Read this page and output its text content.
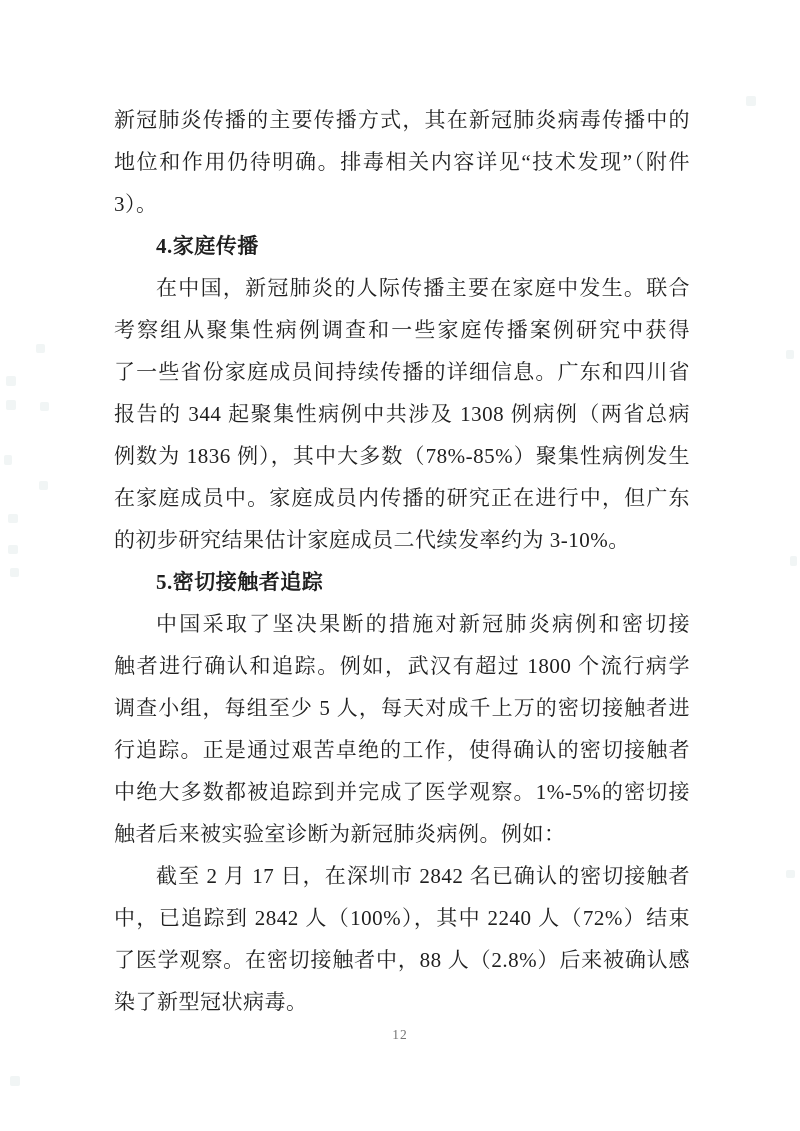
新冠肺炎传播的主要传播方式，其在新冠肺炎病毒传播中的
地位和作用仍待明确。排毒相关内容详见“技术发现”（附件
3）。
4.家庭传播
在中国，新冠肺炎的人际传播主要在家庭中发生。联合
考察组从聚集性病例调查和一些家庭传播案例研究中获得
了一些省份家庭成员间持续传播的详细信息。广东和四川省
报告的 344 起聚集性病例中共涉及 1308 例病例（两省总病
例数为 1836 例），其中大多数（78%-85%）聚集性病例发生
在家庭成员中。家庭成员内传播的研究正在进行中，但广东
的初步研究结果估计家庭成员二代续发率约为 3-10%。
5.密切接触者追踪
中国采取了坚决果断的措施对新冠肺炎病例和密切接
触者进行确认和追踪。例如，武汉有超过 1800 个流行病学
调查小组，每组至少 5 人，每天对成千上万的密切接触者进
行追踪。正是通过艰苦卓绝的工作，使得确认的密切接触者
中绝大多数都被追踪到并完成了医学观察。1%-5%的密切接
触者后来被实验室诊断为新冠肺炎病例。例如：
截至 2 月 17 日，在深圳市 2842 名已确认的密切接触者
中，已追踪到 2842 人（100%），其中 2240 人（72%）结束
了医学观察。在密切接触者中，88 人（2.8%）后来被确认感
染了新型冠状病毒。
12
